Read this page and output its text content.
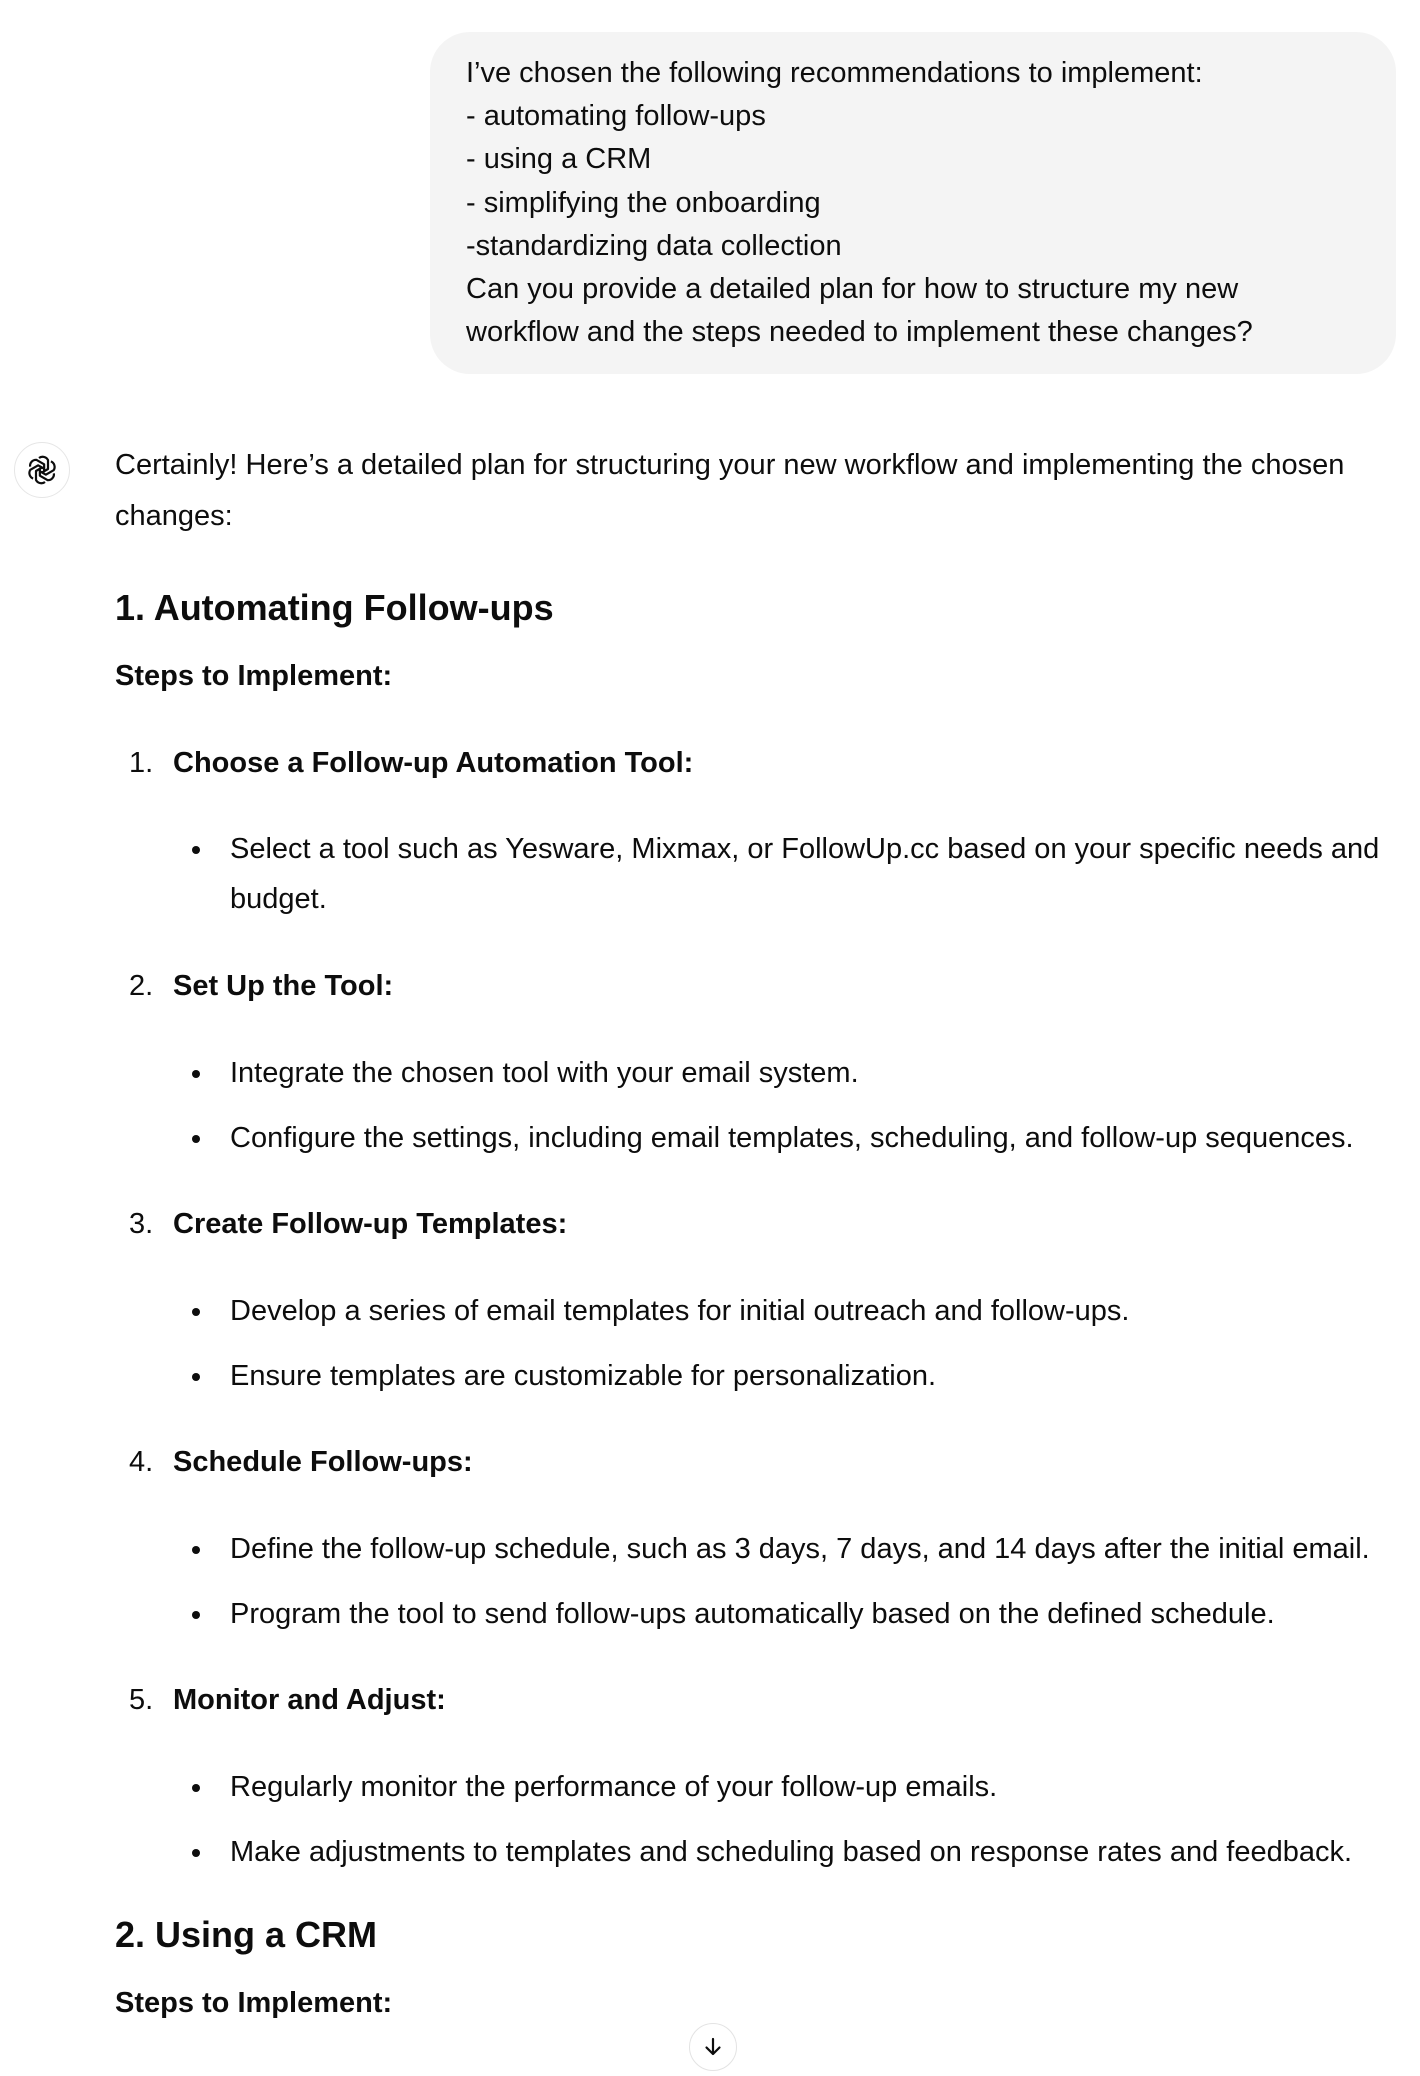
I’ve chosen the following recommendations to implement:
- automating follow-ups
- using a CRM
- simplifying the onboarding
-standardizing data collection
Can you provide a detailed plan for how to structure my new
workflow and the steps needed to implement these changes?
Certainly! Here’s a detailed plan for structuring your new workflow and implementing the chosen
changes:
1. Automating Follow-ups
Steps to Implement:
1. Choose a Follow-up Automation Tool:
Select a tool such as Yesware, Mixmax, or FollowUp.cc based on your specific needs and
budget.
2. Set Up the Tool:
Integrate the chosen tool with your email system.
Configure the settings, including email templates, scheduling, and follow-up sequences.
3. Create Follow-up Templates:
Develop a series of email templates for initial outreach and follow-ups.
Ensure templates are customizable for personalization.
4. Schedule Follow-ups:
Define the follow-up schedule, such as 3 days, 7 days, and 14 days after the initial email.
Program the tool to send follow-ups automatically based on the defined schedule.
5. Monitor and Adjust:
Regularly monitor the performance of your follow-up emails.
Make adjustments to templates and scheduling based on response rates and feedback.
2. Using a CRM
Steps to Implement:
